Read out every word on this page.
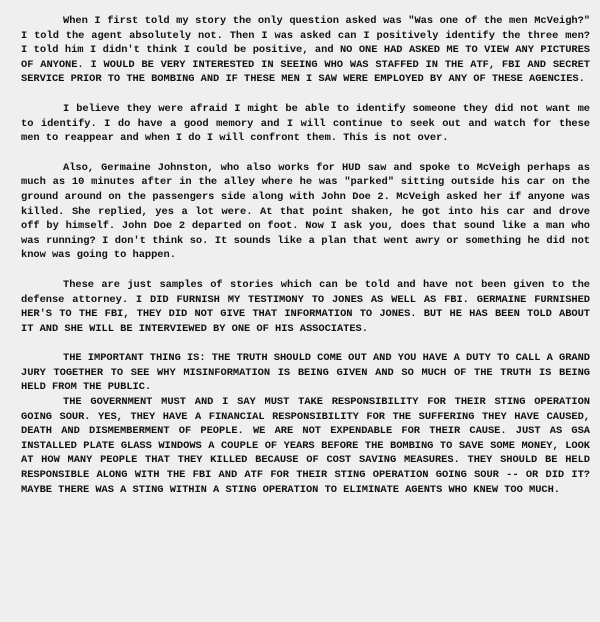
When I first told my story the only question asked was "Was one of the men McVeigh?" I told the agent absolutely not. Then I was asked can I positively identify the three men? I told him I didn't think I could be positive, and NO ONE HAD ASKED ME TO VIEW ANY PICTURES OF ANYONE. I WOULD BE VERY INTERESTED IN SEEING WHO WAS STAFFED IN THE ATF, FBI AND SECRET SERVICE PRIOR TO THE BOMBING AND IF THESE MEN I SAW WERE EMPLOYED BY ANY OF THESE AGENCIES.

I believe they were afraid I might be able to identify someone they did not want me to identify. I do have a good memory and I will continue to seek out and watch for these men to reappear and when I do I will confront them. This is not over.

Also, Germaine Johnston, who also works for HUD saw and spoke to McVeigh perhaps as much as 10 minutes after in the alley where he was "parked" sitting outside his car on the ground around on the passengers side along with John Doe 2. McVeigh asked her if anyone was killed. She replied, yes a lot were. At that point shaken, he got into his car and drove off by himself. John Doe 2 departed on foot. Now I ask you, does that sound like a man who was running? I don't think so. It sounds like a plan that went awry or something he did not know was going to happen.

These are just samples of stories which can be told and have not been given to the defense attorney. I DID FURNISH MY TESTIMONY TO JONES AS WELL AS FBI. GERMAINE FURNISHED HER'S TO THE FBI, THEY DID NOT GIVE THAT INFORMATION TO JONES. BUT HE HAS BEEN TOLD ABOUT IT AND SHE WILL BE INTERVIEWED BY ONE OF HIS ASSOCIATES.

THE IMPORTANT THING IS: THE TRUTH SHOULD COME OUT AND YOU HAVE A DUTY TO CALL A GRAND JURY TOGETHER TO SEE WHY MISINFORMATION IS BEING GIVEN AND SO MUCH OF THE TRUTH IS BEING HELD FROM THE PUBLIC.

THE GOVERNMENT MUST AND I SAY MUST TAKE RESPONSIBILITY FOR THEIR STING OPERATION GOING SOUR. YES, THEY HAVE A FINANCIAL RESPONSIBILITY FOR THE SUFFERING THEY HAVE CAUSED, DEATH AND DISMEMBERMENT OF PEOPLE. WE ARE NOT EXPENDABLE FOR THEIR CAUSE. JUST AS GSA INSTALLED PLATE GLASS WINDOWS A COUPLE OF YEARS BEFORE THE BOMBING TO SAVE SOME MONEY, LOOK AT HOW MANY PEOPLE THAT THEY KILLED BECAUSE OF COST SAVING MEASURES. THEY SHOULD BE HELD RESPONSIBLE ALONG WITH THE FBI AND ATF FOR THEIR STING OPERATION GOING SOUR -- OR DID IT? MAYBE THERE WAS A STING WITHIN A STING OPERATION TO ELIMINATE AGENTS WHO KNEW TOO MUCH.
